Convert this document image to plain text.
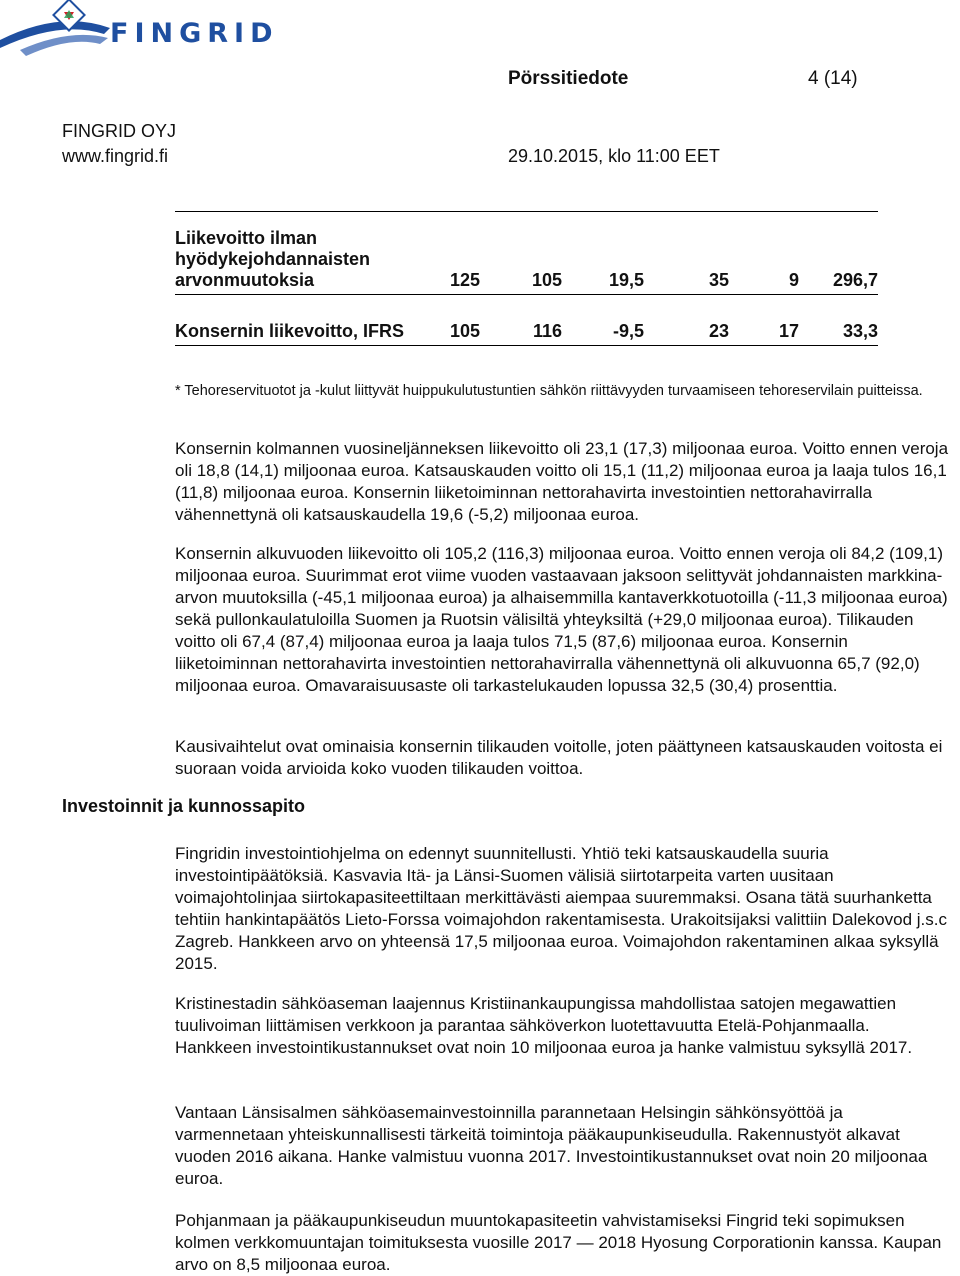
FINGRID
Pörssitiedote	4 (14)
FINGRID OYJ
www.fingrid.fi	29.10.2015, klo 11:00 EET
Liikevoitto ilman hyödykejohdannaisten arvonmuutoksia	125	105	19,5	35	9	296,7
Konsernin liikevoitto, IFRS	105	116	-9,5	23	17	33,3
* Tehoreservituotot ja -kulut liittyvät huippukulutustuntien sähkön riittävyyden turvaamiseen tehoreservilain puitteissa.

Konsernin kolmannen vuosineljänneksen liikevoitto oli 23,1 (17,3) miljoonaa euroa. Voitto ennen veroja oli 18,8 (14,1) miljoonaa euroa. Katsauskauden voitto oli 15,1 (11,2) miljoonaa euroa ja laaja tulos 16,1 (11,8) miljoonaa euroa. Konsernin liiketoiminnan nettorahavirta investointien nettorahavirralla vähennettynä oli katsauskaudella 19,6 (-5,2) miljoonaa euroa.

Konsernin alkuvuoden liikevoitto oli 105,2 (116,3) miljoonaa euroa. Voitto ennen veroja oli 84,2 (109,1) miljoonaa euroa. Suurimmat erot viime vuoden vastaavaan jaksoon selittyvät johdannaisten markkina-arvon muutoksilla (-45,1 miljoonaa euroa) ja alhaisemmilla kantaverkkotuotoilla (-11,3 miljoonaa euroa) sekä pullonkaulatuloilla Suomen ja Ruotsin välisiltä yhteyksiltä (+29,0 miljoonaa euroa). Tilikauden voitto oli 67,4 (87,4) miljoonaa euroa ja laaja tulos 71,5 (87,6) miljoonaa euroa. Konsernin liiketoiminnan nettorahavirta investointien nettorahavirralla vähennettynä oli alkuvuonna 65,7 (92,0) miljoonaa euroa. Omavaraisuusaste oli tarkastelukauden lopussa 32,5 (30,4) prosenttia.

Kausivaihtelut ovat ominaisia konsernin tilikauden voitolle, joten päättyneen katsauskauden voitosta ei suoraan voida arvioida koko vuoden tilikauden voittoa.

Investoinnit ja kunnossapito

Fingridin investointiohjelma on edennyt suunnitellusti. Yhtiö teki katsauskaudella suuria investointipäätöksiä. Kasvavia Itä- ja Länsi-Suomen välisiä siirtotarpeita varten uusitaan voimajohtolinjaa siirtokapasiteettiltaan merkittävästi aiempaa suuremmaksi. Osana tätä suurhanketta tehtiin hankintapäätös Lieto-Forssa voimajohdon rakentamisesta. Urakoitsijaksi valittiin Dalekovod j.s.c Zagreb. Hankkeen arvo on yhteensä 17,5 miljoonaa euroa. Voimajohdon rakentaminen alkaa syksyllä 2015.

Kristinestadin sähköaseman laajennus Kristiinankaupungissa mahdollistaa satojen megawattien tuulivoiman liittämisen verkkoon ja parantaa sähköverkon luotettavuutta Etelä-Pohjanmaalla. Hankkeen investointikustannukset ovat noin 10 miljoonaa euroa ja hanke valmistuu syksyllä 2017.

Vantaan Länsisalmen sähköasemainvestoinnilla parannetaan Helsingin sähkönsyöttöä ja varmennetaan yhteiskunnallisesti tärkeitä toimintoja pääkaupunkiseudulla. Rakennustyöt alkavat vuoden 2016 aikana. Hanke valmistuu vuonna 2017. Investointikustannukset ovat noin 20 miljoonaa euroa.

Pohjanmaan ja pääkaupunkiseudun muuntokapasiteetin vahvistamiseksi Fingrid teki sopimuksen kolmen verkkomuuntajan toimituksesta vuosille 2017 — 2018 Hyosung Corporationin kanssa. Kaupan arvo on 8,5 miljoonaa euroa.
